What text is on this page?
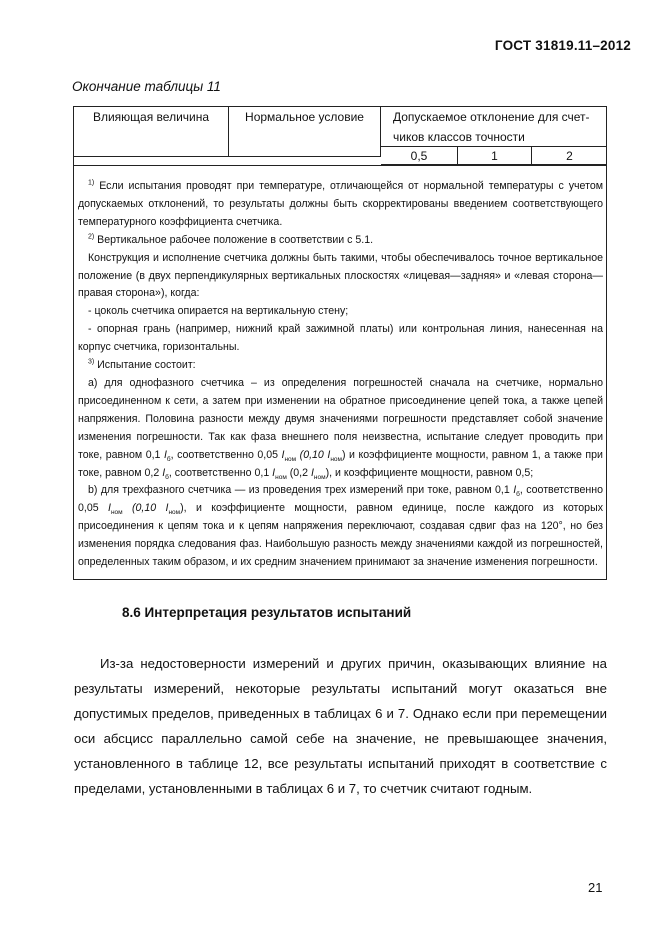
ГОСТ 31819.11–2012
Окончание таблицы 11
Влияющая величина	Нормальное условие	Допускаемое отклонение для счет-
чиков классов точности
0,5	1	2

$^{1)}$ Если испытания проводят при температуре, отличающейся от нормальной температуры с учетом допускаемых отклонений, то результаты должны быть скорректированы введением соответствующего температурного коэффициента счетчика.

$^{2)}$ Вертикальное рабочее положение в соответствии с 5.1.

Конструкция и исполнение счетчика должны быть такими, чтобы обеспечивалось точное вертикальное положение (в двух перпендикулярных вертикальных плоскостях «лицевая—задняя» и «левая сторона—правая сторона»), когда:

- цоколь счетчика опирается на вертикальную стену;

- опорная грань (например, нижний край зажимной платы) или контрольная линия, нанесенная на корпус счетчика, горизонтальны.

$^{3)}$ Испытание состоит:

а) для однофазного счетчика – из определения погрешностей сначала на счетчике, нормально присоединенном к сети, а затем при изменении на обратное присоединение цепей тока, а также цепей напряжения. Половина разности между двумя значениями погрешности представляет собой значение изменения погрешности. Так как фаза внешнего поля неизвестна, испытание следует проводить при токе, равном 0,1 $I_б$, соответственно 0,05 $I_{ном}$ (0,10 $I_{ном}$) и коэффициенте мощности, равном 1, а также при токе, равном 0,2 $I_б$, соответственно 0,1 $I_{ном}$ (0,2 $I_{ном}$), и коэффициенте мощности, равном 0,5;

b) для трехфазного счетчика — из проведения трех измерений при токе, равном 0,1 $I_б$, соответственно 0,05 $I_{ном}$ (0,10 $I_{ном}$), и коэффициенте мощности, равном единице, после каждого из которых присоединения к цепям тока и к цепям напряжения переключают, создавая сдвиг фаз на 120°, но без изменения порядка следования фаз. Наибольшую разность между значениями каждой из погрешностей, определенных таким образом, и их средним значением принимают за значение изменения погрешности.

8.6 Интерпретация результатов испытаний

Из-за недостоверности измерений и других причин, оказывающих влияние на результаты измерений, некоторые результаты испытаний могут оказаться вне допустимых пределов, приведенных в таблицах 6 и 7. Однако если при перемещении оси абсцисс параллельно самой себе на значение, не превышающее значения, установленного в таблице 12, все результаты испытаний приходят в соответствие с пределами, установленными в таблицах 6 и 7, то счетчик считают годным.

21
